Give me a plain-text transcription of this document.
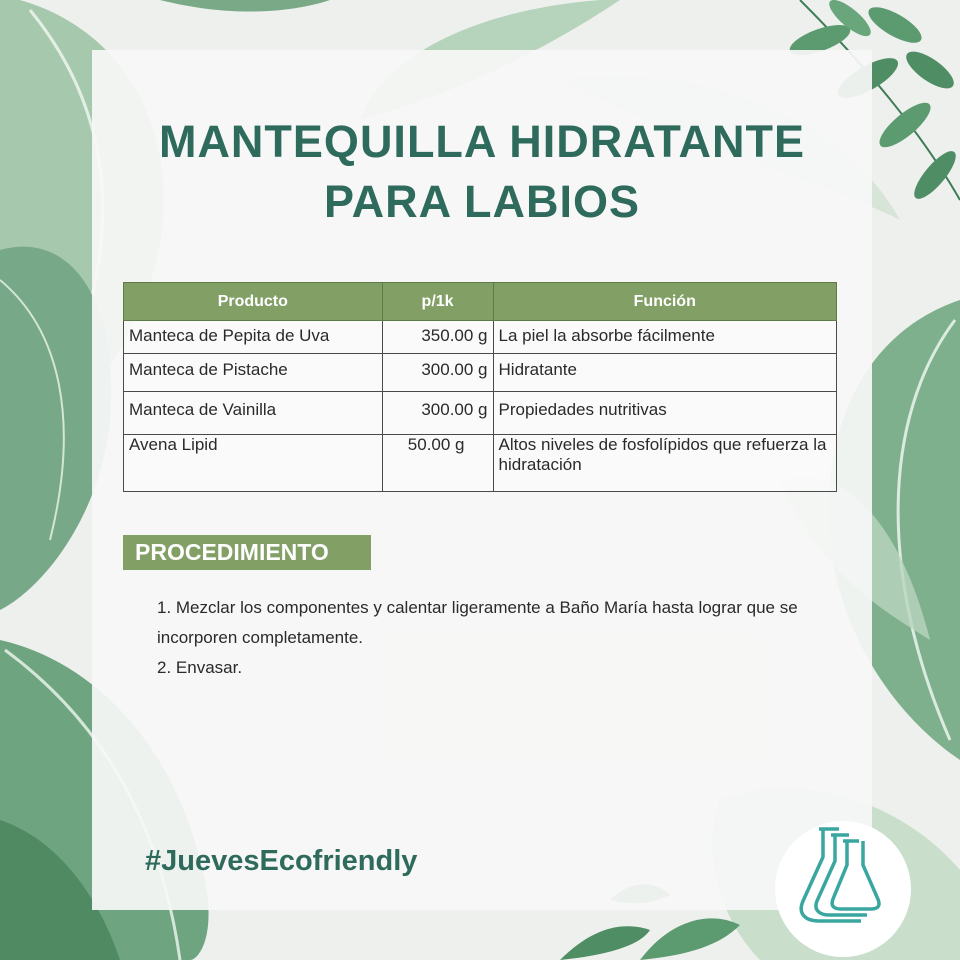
MANTEQUILLA HIDRATANTE
PARA LABIOS
Producto	p/1k	Función
Manteca de Pepita de Uva	350.00 g	La piel la absorbe fácilmente
Manteca de Pistache	300.00 g	Hidratante
Manteca de Vainilla	300.00 g	Propiedades nutritivas
Avena Lipid	50.00 g	Altos niveles de fosfolípidos que refuerza la hidratación
PROCEDIMIENTO
1. Mezclar los componentes y calentar ligeramente a Baño María hasta lograr que se incorporen completamente.
2. Envasar.
#JuevesEcofriendly
